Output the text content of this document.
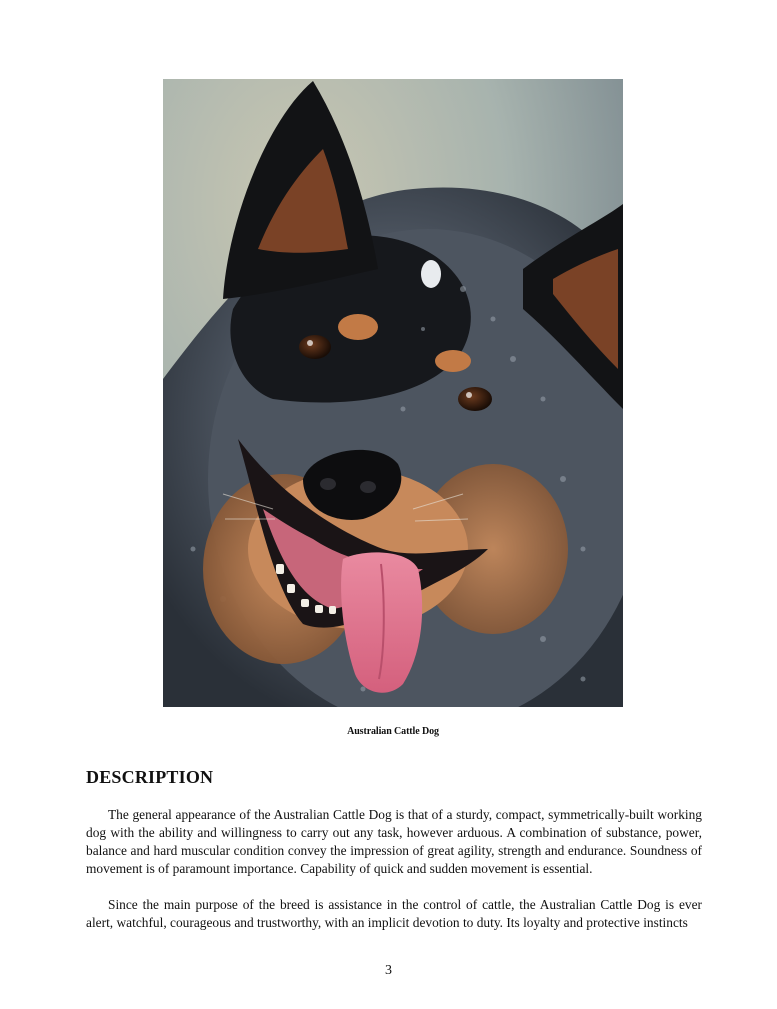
Australian Cattle Dog
DESCRIPTION

The general appearance of the Australian Cattle Dog is that of a sturdy, compact, symmetrically-built working dog with the ability and willingness to carry out any task, however arduous. A combination of substance, power, balance and hard muscular condition convey the impression of great agility, strength and endurance. Soundness of movement is of paramount importance. Capability of quick and sudden movement is essential.

Since the main purpose of the breed is assistance in the control of cattle, the Australian Cattle Dog is ever alert, watchful, courageous and trustworthy, with an implicit devotion to duty. Its loyalty and protective instincts

3
